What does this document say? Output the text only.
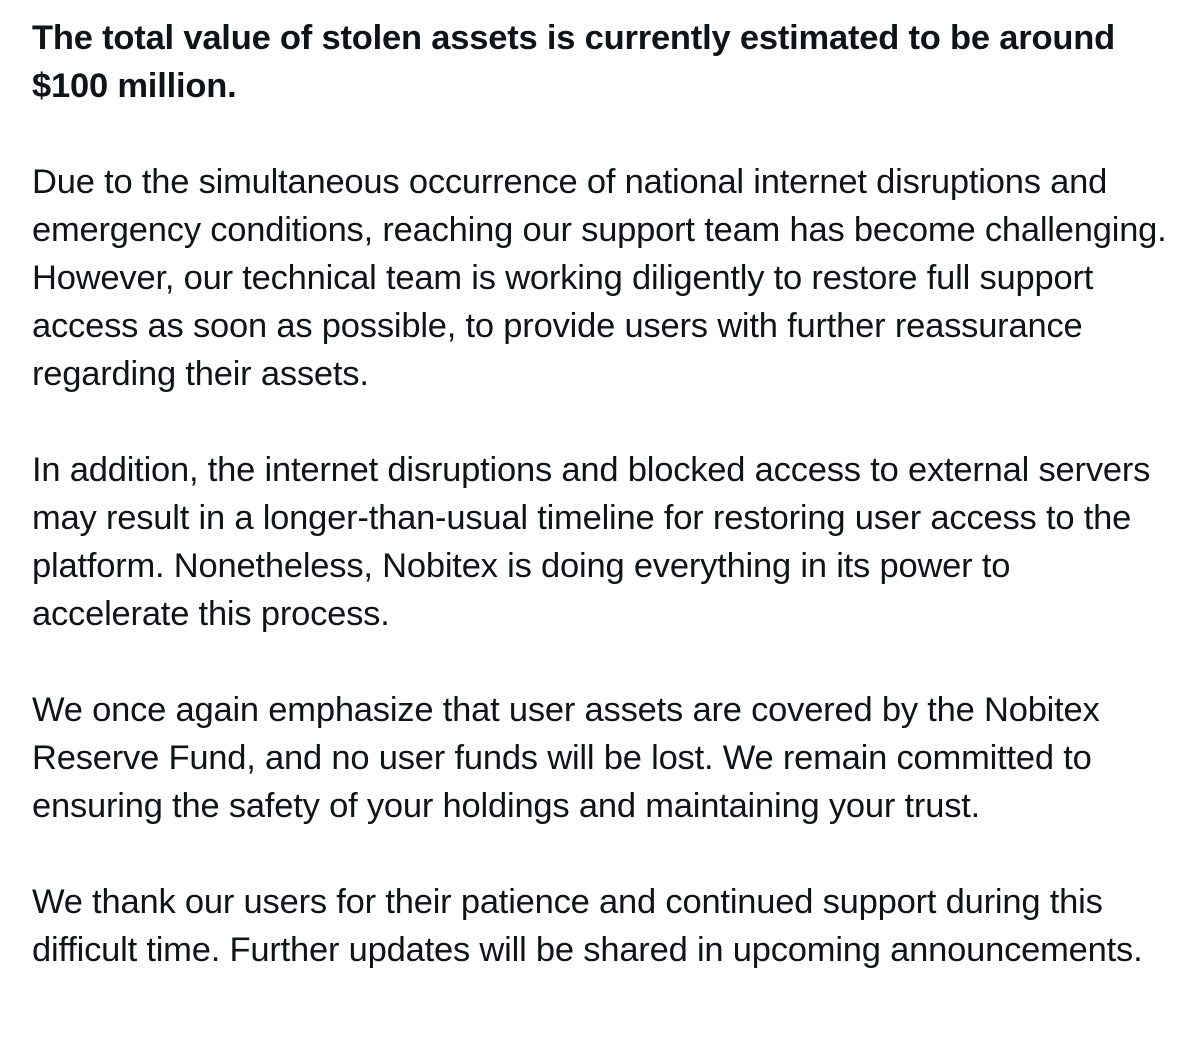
The total value of stolen assets is currently estimated to be around $100 million.

Due to the simultaneous occurrence of national internet disruptions and emergency conditions, reaching our support team has become challenging. However, our technical team is working diligently to restore full support access as soon as possible, to provide users with further reassurance regarding their assets.

In addition, the internet disruptions and blocked access to external servers may result in a longer-than-usual timeline for restoring user access to the platform. Nonetheless, Nobitex is doing everything in its power to accelerate this process.

We once again emphasize that user assets are covered by the Nobitex Reserve Fund, and no user funds will be lost. We remain committed to ensuring the safety of your holdings and maintaining your trust.

We thank our users for their patience and continued support during this difficult time. Further updates will be shared in upcoming announcements.
